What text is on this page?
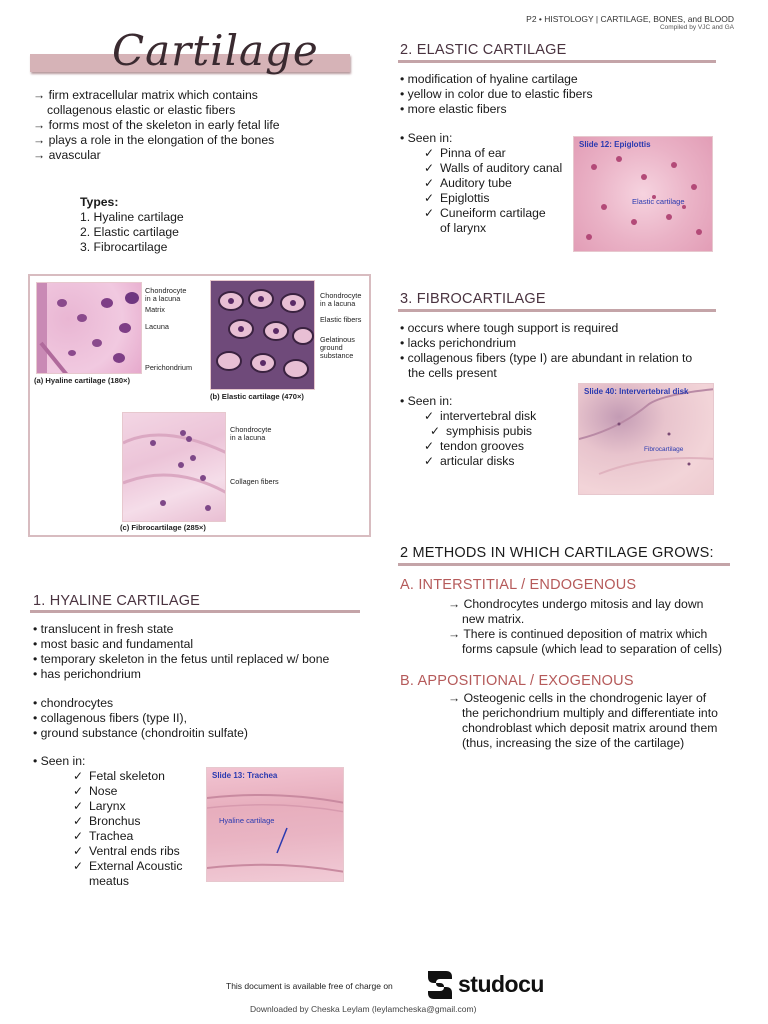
P2 • HISTOLOGY | CARTILAGE, BONES, and BLOOD
Compiled by VJC and GA
Cartilage
→ firm extracellular matrix which contains
collagenous elastic or elastic fibers
→ forms most of the skeleton in early fetal life
→ plays a role in the elongation of the bones
→ avascular
Types:
1. Hyaline cartilage
2. Elastic cartilage
3. Fibrocartilage
Chondrocyte
in a lacuna
Matrix
Lacuna
Perichondrium
(a) Hyaline cartilage (180×)
Chondrocyte
in a lacuna
Elastic fibers
Gelatinous
ground
substance
(b) Elastic cartilage (470×)
Chondrocyte
in a lacuna
Collagen fibers
(c) Fibrocartilage (285×)
1. HYALINE CARTILAGE
• translucent in fresh state
• most basic and fundamental
• temporary skeleton in the fetus until replaced w/ bone
• has perichondrium
• chondrocytes
• collagenous fibers (type II),
• ground substance (chondroitin sulfate)
• Seen in:
✓ Fetal skeleton
✓ Nose
✓ Larynx
✓ Bronchus
✓ Trachea
✓ Ventral ends ribs
✓ External Acoustic
meatus
Slide 13: Trachea
Hyaline cartilage
2. ELASTIC CARTILAGE
• modification of hyaline cartilage
• yellow in color due to elastic fibers
• more elastic fibers
• Seen in:
✓ Pinna of ear
✓ Walls of auditory canal
✓ Auditory tube
✓ Epiglottis
✓ Cuneiform cartilage
of larynx
Slide 12: Epiglottis
Elastic cartilage
3. FIBROCARTILAGE
• occurs where tough support is required
• lacks perichondrium
• collagenous fibers (type I) are abundant in relation to
the cells present
• Seen in:
✓ intervertebral disk
✓ symphisis pubis
✓ tendon grooves
✓ articular disks
Slide 40: Intervertebral disk
Fibrocartilage
2 METHODS IN WHICH CARTILAGE GROWS:
A. INTERSTITIAL / ENDOGENOUS
→ Chondrocytes undergo mitosis and lay down
new matrix.
→ There is continued deposition of matrix which
forms capsule (which lead to separation of cells)
B. APPOSITIONAL / EXOGENOUS
→ Osteogenic cells in the chondrogenic layer of
the perichondrium multiply and differentiate into
chondroblast which deposit matrix around them
(thus, increasing the size of the cartilage)
This document is available free of charge on	studocu
Downloaded by Cheska Leylam (leylamcheska@gmail.com)
